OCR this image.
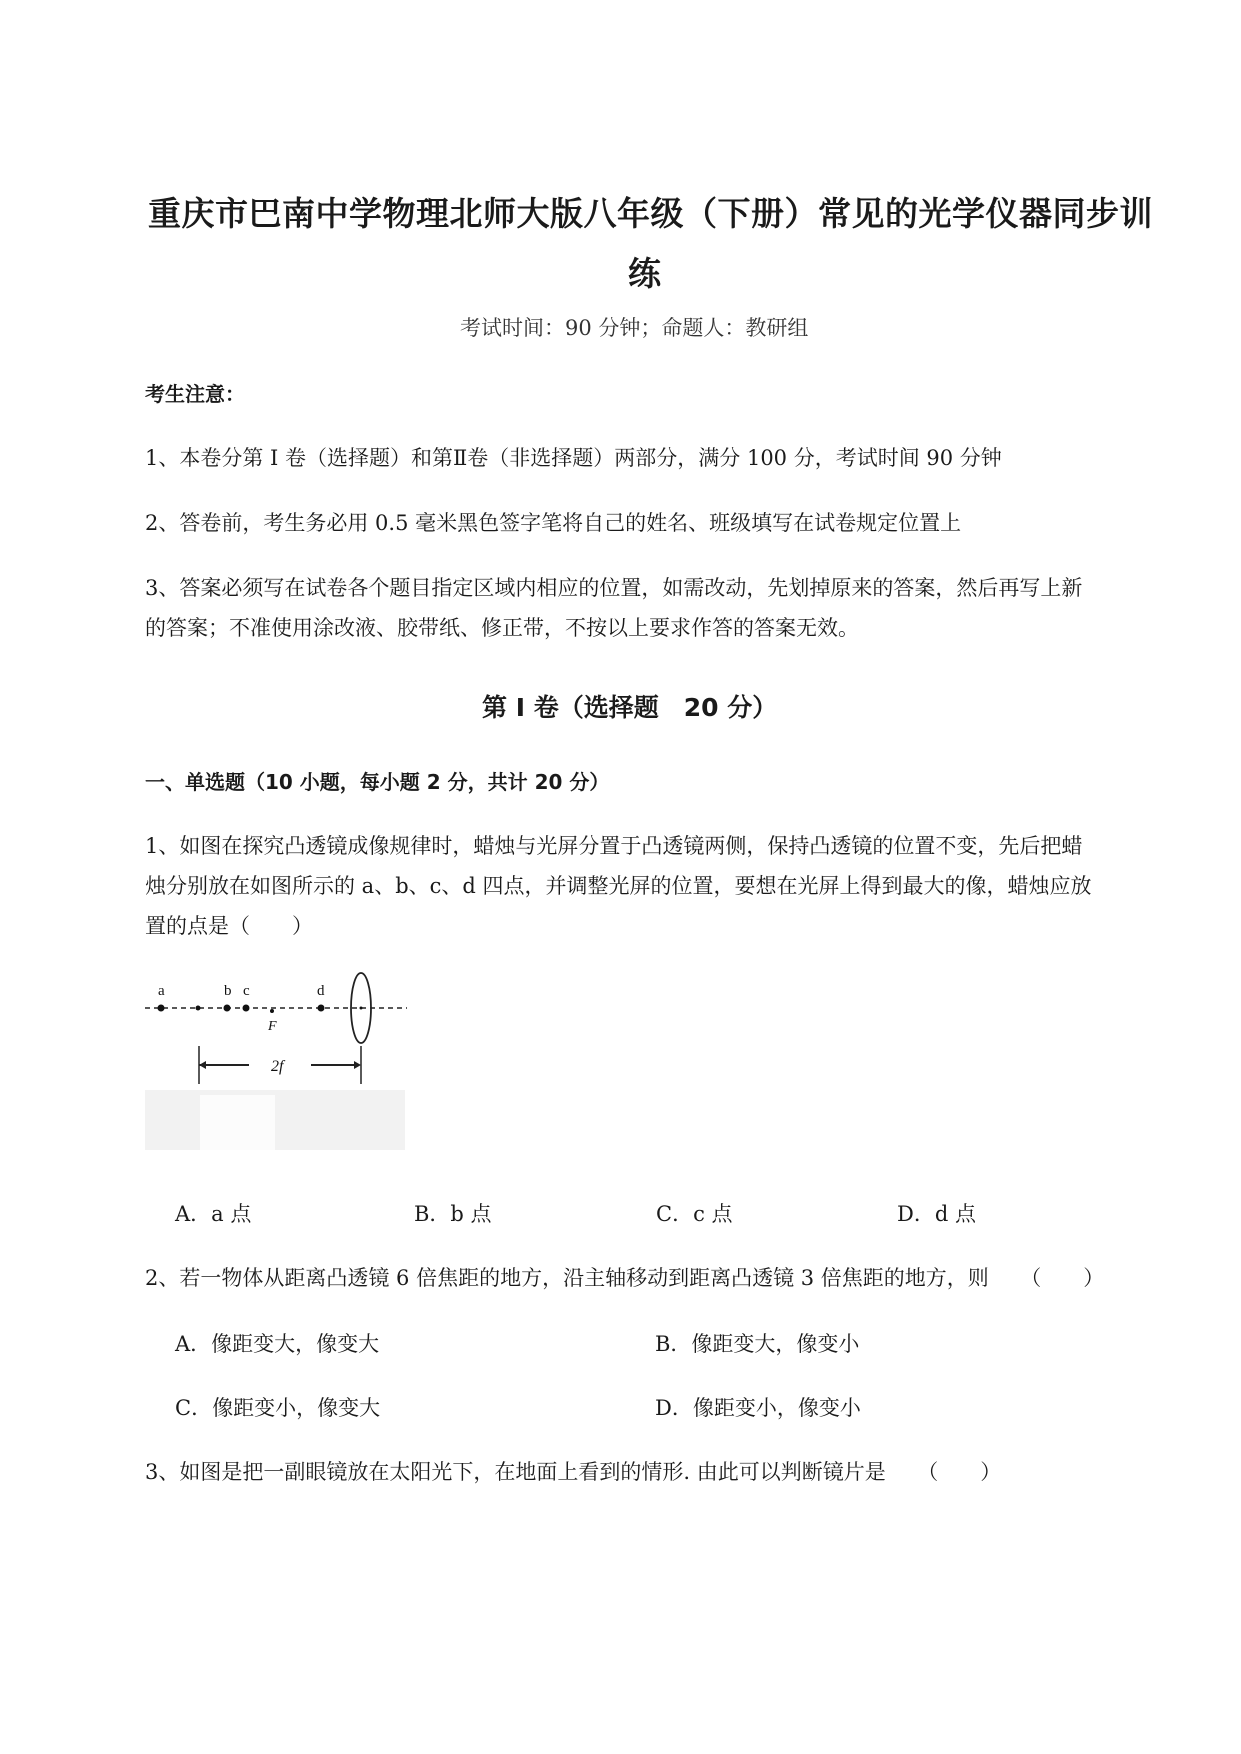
重庆市巴南中学物理北师大版八年级（下册）常见的光学仪器同步训
练
考试时间：90 分钟；命题人：教研组
考生注意：
1、本卷分第 I 卷（选择题）和第Ⅱ卷（非选择题）两部分，满分 100 分，考试时间 90 分钟
2、答卷前，考生务必用 0.5 毫米黑色签字笔将自己的姓名、班级填写在试卷规定位置上
3、答案必须写在试卷各个题目指定区域内相应的位置，如需改动，先划掉原来的答案，然后再写上新
的答案；不准使用涂改液、胶带纸、修正带，不按以上要求作答的答案无效。
第 I 卷（选择题　20 分）
一、单选题（10 小题，每小题 2 分，共计 20 分）
1、如图在探究凸透镜成像规律时，蜡烛与光屏分置于凸透镜两侧，保持凸透镜的位置不变，先后把蜡
烛分别放在如图所示的 a、b、c、d 四点，并调整光屏的位置，要想在光屏上得到最大的像，蜡烛应放
置的点是（　　）
a	b c
F
d
2f
A．a 点	B．b 点	C．c 点	D．d 点
2、若一物体从距离凸透镜 6 倍焦距的地方，沿主轴移动到距离凸透镜 3 倍焦距的地方，则　　（　　）
A．像距变大，像变大	B．像距变大，像变小
C．像距变小，像变大	D．像距变小，像变小
3、如图是把一副眼镜放在太阳光下，在地面上看到的情形. 由此可以判断镜片是　　（　　）
